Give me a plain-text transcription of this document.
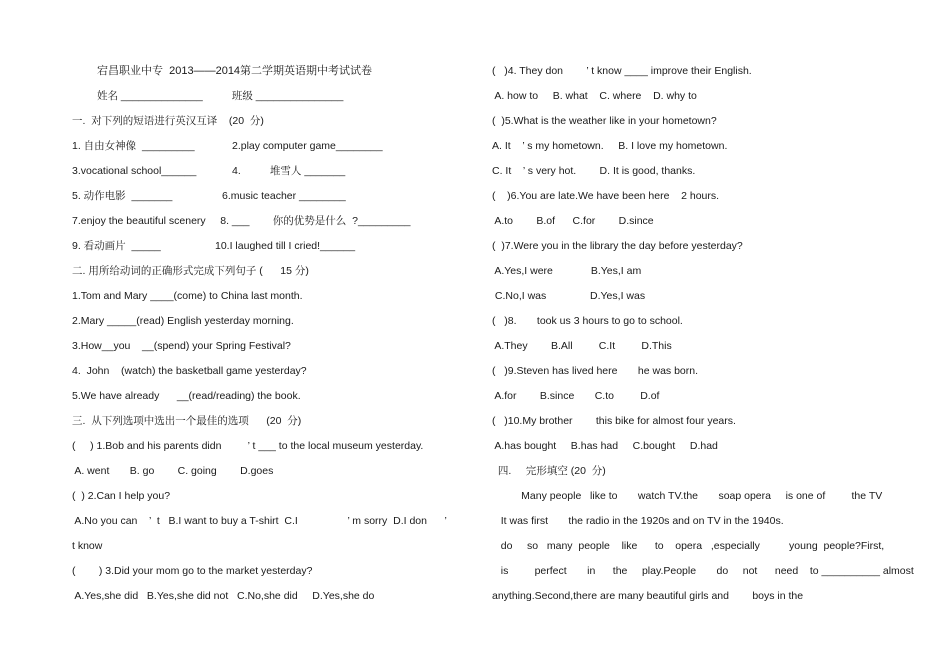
宕昌职业中专  2013——2014第二学期英语期中考试试卷
姓名 ______________          班级 _______________
一.  对下列的短语进行英汉互译    (20  分)
1. 自由女神像  _________	2.play computer game________
3.vocational school______	4.          堆雪人 _______
5. 动作电影  _______	6.music teacher ________
7.enjoy the beautiful scenery     8. ___        你的优势是什么  ?_________
9. 看动画片  _____	10.I laughed till I cried!______
二. 用所给动词的正确形式完成下列句子 (      15 分)
1.Tom and Mary ____(come) to China last month.
2.Mary _____(read) English yesterday morning.
3.How__you    __(spend) your Spring Festival?
4.  John    (watch) the basketball game yesterday?
5.We have already      __(read/reading) the book.
三.  从下列选项中选出一个最佳的选项      (20  分)
(     ) 1.Bob and his parents didn         ’ t ___ to the local museum yesterday.
A. went       B. go        C. going        D.goes
(  ) 2.Can I help you?
A.No you can    ’  t   B.I want to buy a T-shirt  C.I                 ’ m sorry  D.I don      ’
t know
(        ) 3.Did your mom go to the market yesterday?
A.Yes,she did   B.Yes,she did not   C.No,she did     D.Yes,she do
(   )4. They don        ’ t know ____ improve their English.
A. how to     B. what    C. where    D. why to
(  )5.What is the weather like in your hometown?
A. It    ’ s my hometown.     B. I love my hometown.
C. It    ’ s very hot.        D. It is good, thanks.
(    )6.You are late.We have been here    2 hours.
A.to        B.of      C.for        D.since
(  )7.Were you in the library the day before yesterday?
A.Yes,I were             B.Yes,I am
C.No,I was               D.Yes,I was
(   )8.       took us 3 hours to go to school.
A.They        B.All         C.It         D.This
(   )9.Steven has lived here       he was born.
A.for        B.since       C.to         D.of
(   )10.My brother        this bike for almost four years.
A.has bought     B.has had     C.bought     D.had
四.     完形填空 (20  分)
Many people   like to       watch TV.the       soap opera     is one of         the TV
It was first       the radio in the 1920s and on TV in the 1940s.
do     so   many  people    like      to    opera   ,especially          young  people?First,
is         perfect       in      the     play.People       do     not      need    to __________ almost
anything.Second,there are many beautiful girls and        boys in the
